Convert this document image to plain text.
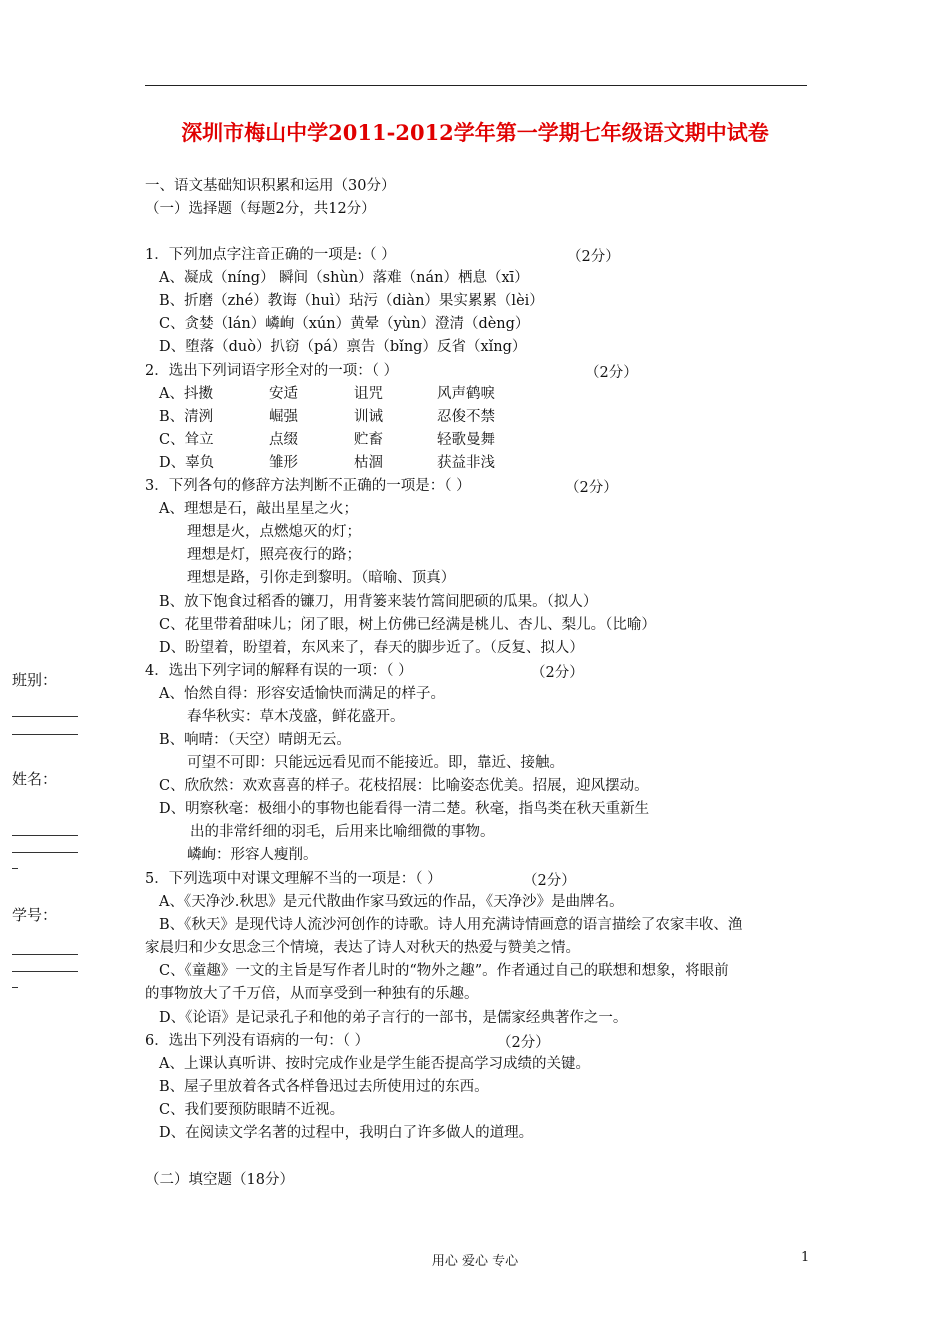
深圳市梅山中学2011-2012学年第一学期七年级语文期中试卷
一、语文基础知识积累和运用（30分）
（一）选择题（每题2分，共12分）
1．下列加点字注音正确的一项是:（ ）	（2分）
A、凝成（níng） 瞬间（shùn）落难（nán）栖息（xī）
B、折磨（zhé）教诲（huì）玷污（diàn）果实累累（lèi）
C、贪婪（lán）嶙峋（xún）黄晕（yùn）澄清（dèng）
D、堕落（duò）扒窃（pá）禀告（bǐng）反省（xǐng）
2．选出下列词语字形全对的一项：（ ）	（2分）
A、抖擞	安适	诅咒	风声鹤唳
B、清洌	崛强	训诫	忍俊不禁
C、耸立	点缀	贮畜	轻歌曼舞
D、辜负	雏形	枯涸	获益非浅
3．下列各句的修辞方法判断不正确的一项是：（ ）	（2分）
A、理想是石，敲出星星之火；
理想是火，点燃熄灭的灯；
理想是灯，照亮夜行的路；
理想是路，引你走到黎明。（暗喻、顶真）
B、放下饱食过稻香的镰刀，用背篓来装竹篙间肥硕的瓜果。（拟人）
C、花里带着甜味儿；闭了眼，树上仿佛已经满是桃儿、杏儿、梨儿。（比喻）
D、盼望着，盼望着，东风来了，春天的脚步近了。（反复、拟人）
4．选出下列字词的解释有误的一项：（ ）	（2分）
A、怡然自得：形容安适愉快而满足的样子。
春华秋实：草木茂盛，鲜花盛开。
B、响晴：（天空）晴朗无云。
可望不可即：只能远远看见而不能接近。即，靠近、接触。
C、欣欣然：欢欢喜喜的样子。花枝招展：比喻姿态优美。招展，迎风摆动。
D、明察秋毫：极细小的事物也能看得一清二楚。秋毫，指鸟类在秋天重新生
出的非常纤细的羽毛，后用来比喻细微的事物。
嶙峋：形容人瘦削。
5．下列选项中对课文理解不当的一项是：（ ）	（2分）
A、《天净沙.秋思》是元代散曲作家马致远的作品，《天净沙》是曲牌名。
B、《秋天》是现代诗人流沙河创作的诗歌。诗人用充满诗情画意的语言描绘了农家丰收、渔
家晨归和少女思念三个情境，表达了诗人对秋天的热爱与赞美之情。
C、《童趣》一文的主旨是写作者儿时的“物外之趣”。作者通过自己的联想和想象，将眼前
的事物放大了千万倍，从而享受到一种独有的乐趣。
D、《论语》是记录孔子和他的弟子言行的一部书，是儒家经典著作之一。
6．选出下列没有语病的一句：（ ）	（2分）
A、上课认真听讲、按时完成作业是学生能否提高学习成绩的关键。
B、屋子里放着各式各样鲁迅过去所使用过的东西。
C、我们要预防眼睛不近视。
D、在阅读文学名著的过程中，我明白了许多做人的道理。
（二）填空题（18分）
班别：
姓名：
学号：
用心 爱心 专心	1
